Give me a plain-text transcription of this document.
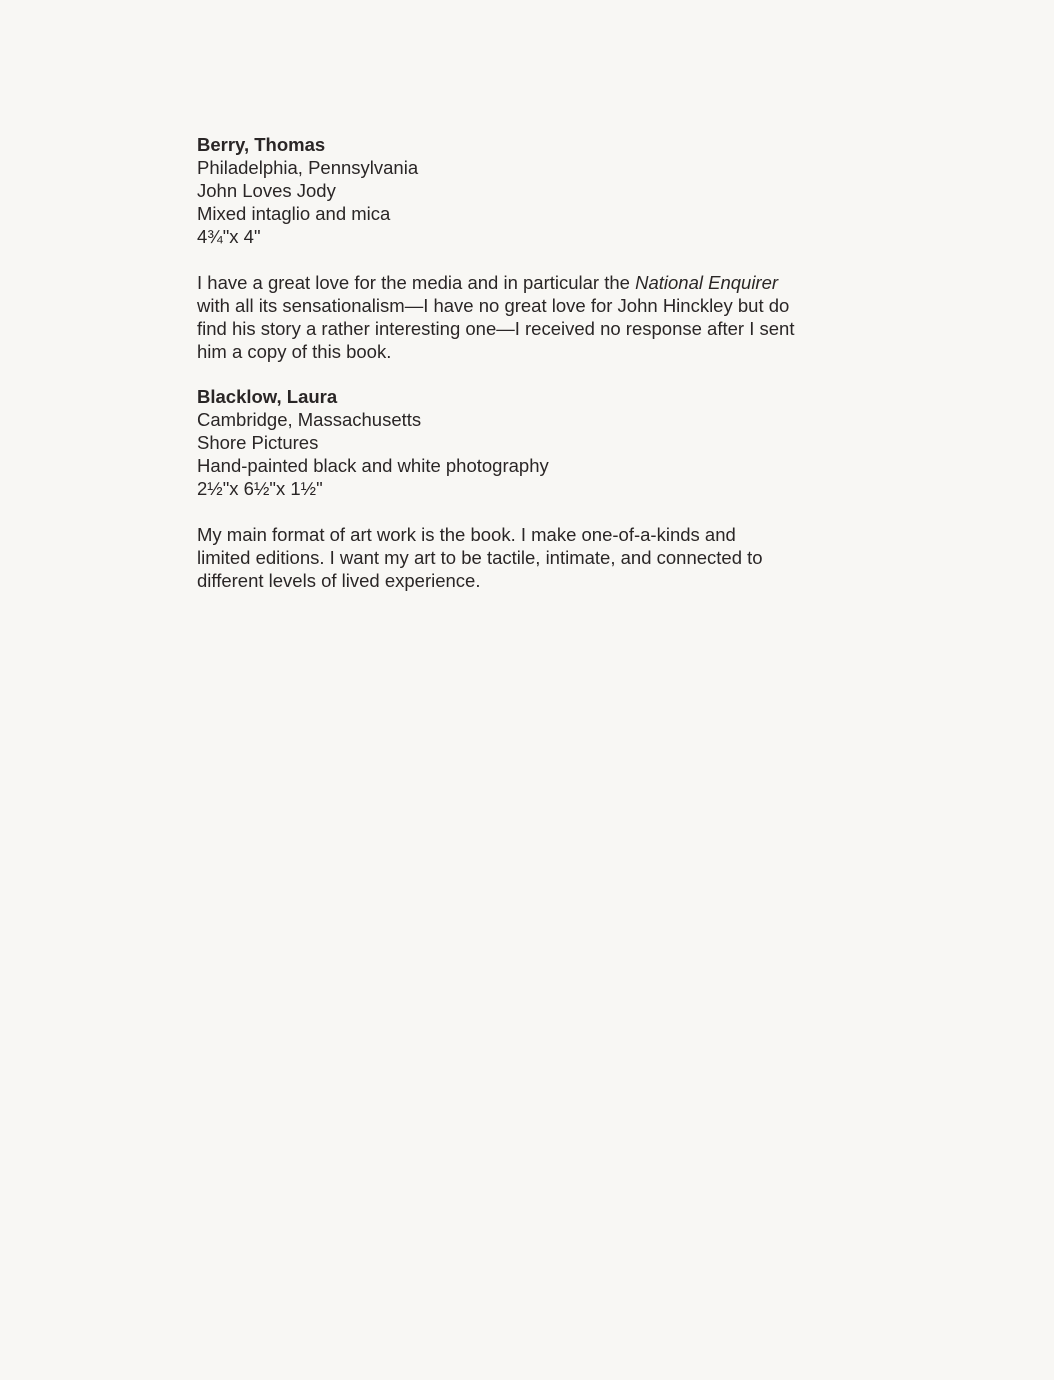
Berry, Thomas
Philadelphia, Pennsylvania
John Loves Jody
Mixed intaglio and mica
4¾"x 4"
I have a great love for the media and in particular the National Enquirer
with all its sensationalism—I have no great love for John Hinckley but do
find his story a rather interesting one—I received no response after I sent
him a copy of this book.
Blacklow, Laura
Cambridge, Massachusetts
Shore Pictures
Hand-painted black and white photography
2½"x 6½"x 1½"
My main format of art work is the book. I make one-of-a-kinds and
limited editions. I want my art to be tactile, intimate, and connected to
different levels of lived experience.
